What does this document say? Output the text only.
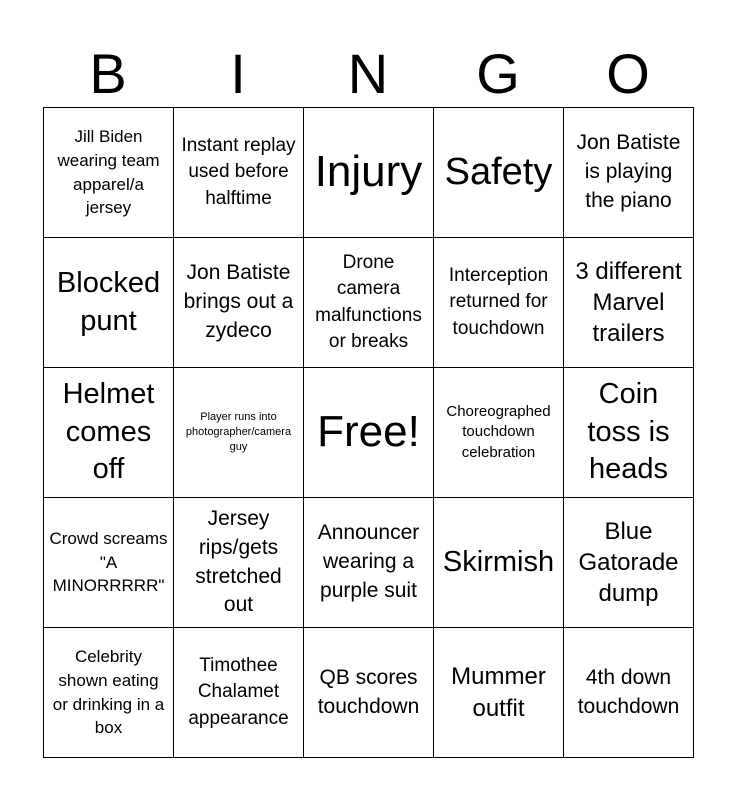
B	I	N	G	O
Jill Biden wearing team apparel/a jersey	Instant replay used before halftime	Injury	Safety	Jon Batiste is playing the piano
Blocked punt	Jon Batiste brings out a zydeco	Drone camera malfunctions or breaks	Interception returned for touchdown	3 different Marvel trailers
Helmet comes off	Player runs into photographer/camera guy	Free!	Choreographed touchdown celebration	Coin toss is heads
Crowd screams "A MINORRRRR"	Jersey rips/gets stretched out	Announcer wearing a purple suit	Skirmish	Blue Gatorade dump
Celebrity shown eating or drinking in a box	Timothee Chalamet appearance	QB scores touchdown	Mummer outfit	4th down touchdown
